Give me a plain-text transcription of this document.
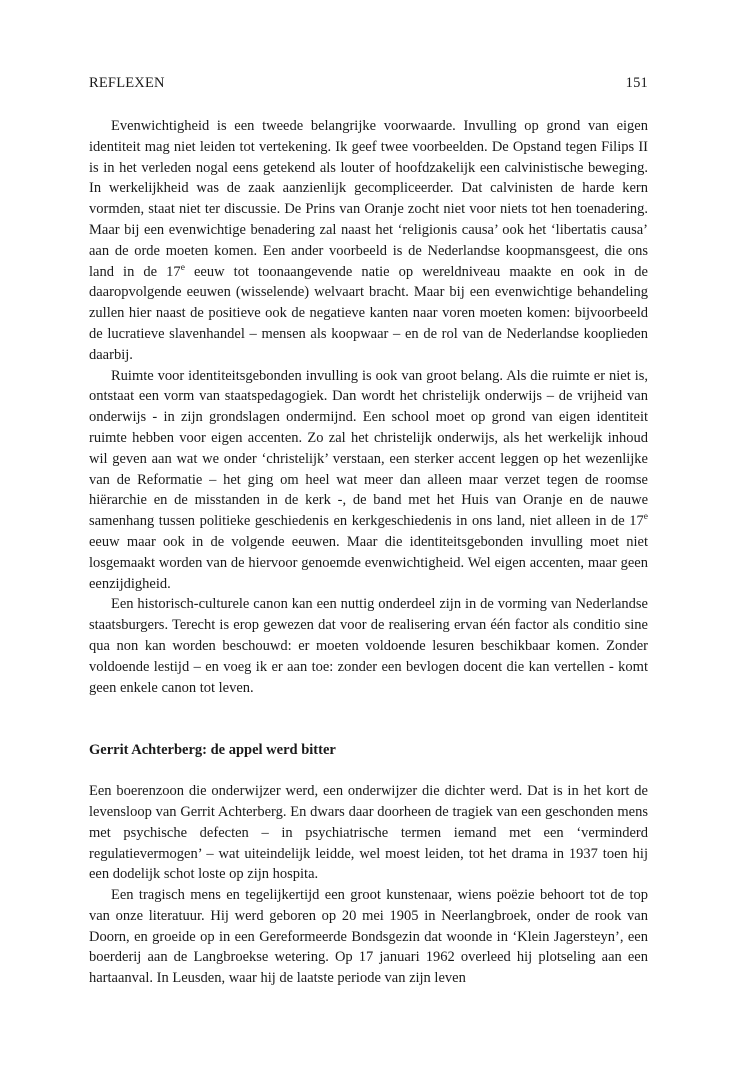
REFLEXEN	151

Evenwichtigheid is een tweede belangrijke voorwaarde. Invulling op grond van eigen identiteit mag niet leiden tot vertekening. Ik geef twee voorbeelden. De Opstand tegen Filips II is in het verleden nogal eens getekend als louter of hoofdzakelijk een calvinistische beweging. In werkelijkheid was de zaak aanzienlijk gecompliceerder. Dat calvinisten de harde kern vormden, staat niet ter discussie. De Prins van Oranje zocht niet voor niets tot hen toenadering. Maar bij een evenwichtige benadering zal naast het ‘religionis causa’ ook het ‘libertatis causa’ aan de orde moeten komen. Een ander voorbeeld is de Nederlandse koopmansgeest, die ons land in de 17e eeuw tot toonaangevende natie op wereldniveau maakte en ook in de daaropvolgende eeuwen (wisselende) welvaart bracht. Maar bij een evenwichtige behandeling zullen hier naast de positieve ook de negatieve kanten naar voren moeten komen: bijvoorbeeld de lucratieve slavenhandel – mensen als koopwaar – en de rol van de Nederlandse kooplieden daarbij.

Ruimte voor identiteitsgebonden invulling is ook van groot belang. Als die ruimte er niet is, ontstaat een vorm van staatspedagogiek. Dan wordt het christelijk onderwijs – de vrijheid van onderwijs - in zijn grondslagen ondermijnd. Een school moet op grond van eigen identiteit ruimte hebben voor eigen accenten. Zo zal het christelijk onderwijs, als het werkelijk inhoud wil geven aan wat we onder ‘christelijk’ verstaan, een sterker accent leggen op het wezenlijke van de Reformatie – het ging om heel wat meer dan alleen maar verzet tegen de roomse hiërarchie en de misstanden in de kerk -, de band met het Huis van Oranje en de nauwe samenhang tussen politieke geschiedenis en kerkgeschiedenis in ons land, niet alleen in de 17e eeuw maar ook in de volgende eeuwen. Maar die identiteitsgebonden invulling moet niet losgemaakt worden van de hiervoor genoemde evenwichtigheid. Wel eigen accenten, maar geen eenzijdigheid.

Een historisch-culturele canon kan een nuttig onderdeel zijn in de vorming van Nederlandse staatsburgers. Terecht is erop gewezen dat voor de realisering ervan één factor als conditio sine qua non kan worden beschouwd: er moeten voldoende lesuren beschikbaar komen. Zonder voldoende lestijd – en voeg ik er aan toe: zonder een bevlogen docent die kan vertellen - komt geen enkele canon tot leven.

Gerrit Achterberg: de appel werd bitter

Een boerenzoon die onderwijzer werd, een onderwijzer die dichter werd. Dat is in het kort de levensloop van Gerrit Achterberg. En dwars daar doorheen de tragiek van een geschonden mens met psychische defecten – in psychiatrische termen iemand met een ‘verminderd regulatievermogen’ – wat uiteindelijk leidde, wel moest leiden, tot het drama in 1937 toen hij een dodelijk schot loste op zijn hospita.

Een tragisch mens en tegelijkertijd een groot kunstenaar, wiens poëzie behoort tot de top van onze literatuur. Hij werd geboren op 20 mei 1905 in Neerlangbroek, onder de rook van Doorn, en groeide op in een Gereformeerde Bondsgezin dat woonde in ‘Klein Jagersteyn’, een boerderij aan de Langbroekse wetering. Op 17 januari 1962 overleed hij plotseling aan een hartaanval. In Leusden, waar hij de laatste periode van zijn leven
